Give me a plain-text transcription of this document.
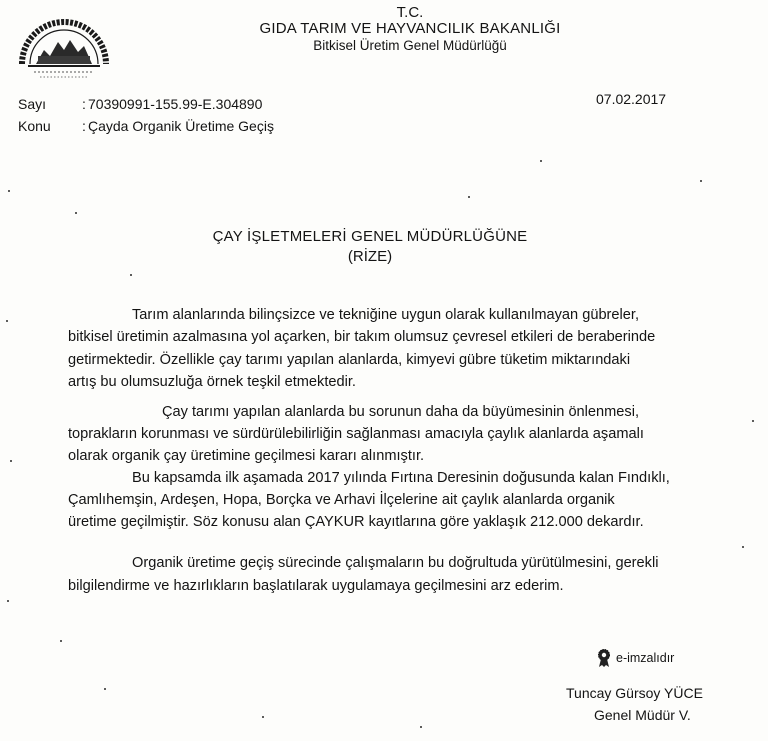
T.C.
GIDA TARIM VE HAYVANCILIK BAKANLIĞI
Bitkisel Üretim Genel Müdürlüğü
Sayı	: 70390991-155.99-E.304890	07.02.2017
Konu : Çayda Organik Üretime Geçiş
ÇAY İŞLETMELERİ GENEL MÜDÜRLÜĞÜNE
(RİZE)
Tarım alanlarında bilinçsizce ve tekniğine uygun olarak kullanılmayan gübreler,
bitkisel üretimin azalmasına yol açarken, bir takım olumsuz çevresel etkileri de beraberinde
getirmektedir. Özellikle çay tarımı yapılan alanlarda, kimyevi gübre tüketim miktarındaki
artış bu olumsuzluğa örnek teşkil etmektedir.
Çay tarımı yapılan alanlarda bu sorunun daha da büyümesinin önlenmesi,
toprakların korunması ve sürdürülebilirliğin sağlanması amacıyla çaylık alanlarda aşamalı
olarak organik çay üretimine geçilmesi kararı alınmıştır.
Bu kapsamda ilk aşamada 2017 yılında Fırtına Deresinin doğusunda kalan Fındıklı,
Çamlıhemşin, Ardeşen, Hopa, Borçka ve Arhavi İlçelerine ait çaylık alanlarda organik
üretime geçilmiştir. Söz konusu alan ÇAYKUR kayıtlarına göre yaklaşık 212.000 dekardır.
Organik üretime geçiş sürecinde çalışmaların bu doğrultuda yürütülmesini, gerekli
bilgilendirme ve hazırlıkların başlatılarak uygulamaya geçilmesini arz ederim.
e-imzalıdır
Tuncay Gürsoy YÜCE
Genel Müdür V.
